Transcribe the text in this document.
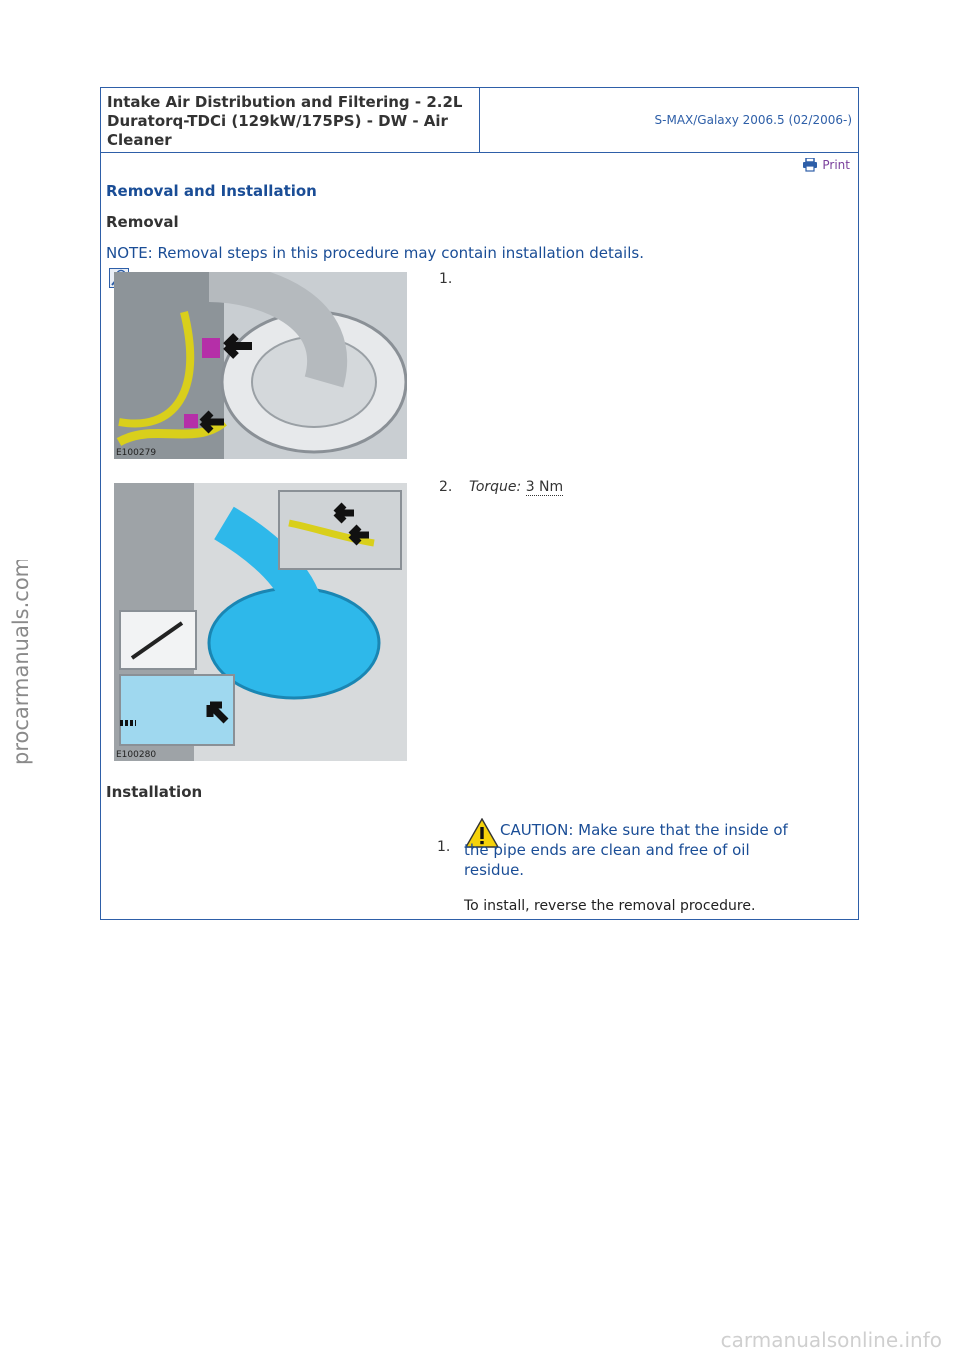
Intake Air Distribution and Filtering - 2.2L
Duratorq-TDCi (129kW/175PS) - DW - Air
Cleaner
S-MAX/Galaxy 2006.5 (02/2006-)
Print
Removal and Installation
Removal
NOTE: Removal steps in this procedure may contain installation details.
E100279
1.
E100280
2. Torque: 3 Nm
Installation
1.
CAUTION: Make sure that the inside of
the pipe ends are clean and free of oil
residue.
To install, reverse the removal procedure.
procarmanuals.com
carmanualsonline.info
